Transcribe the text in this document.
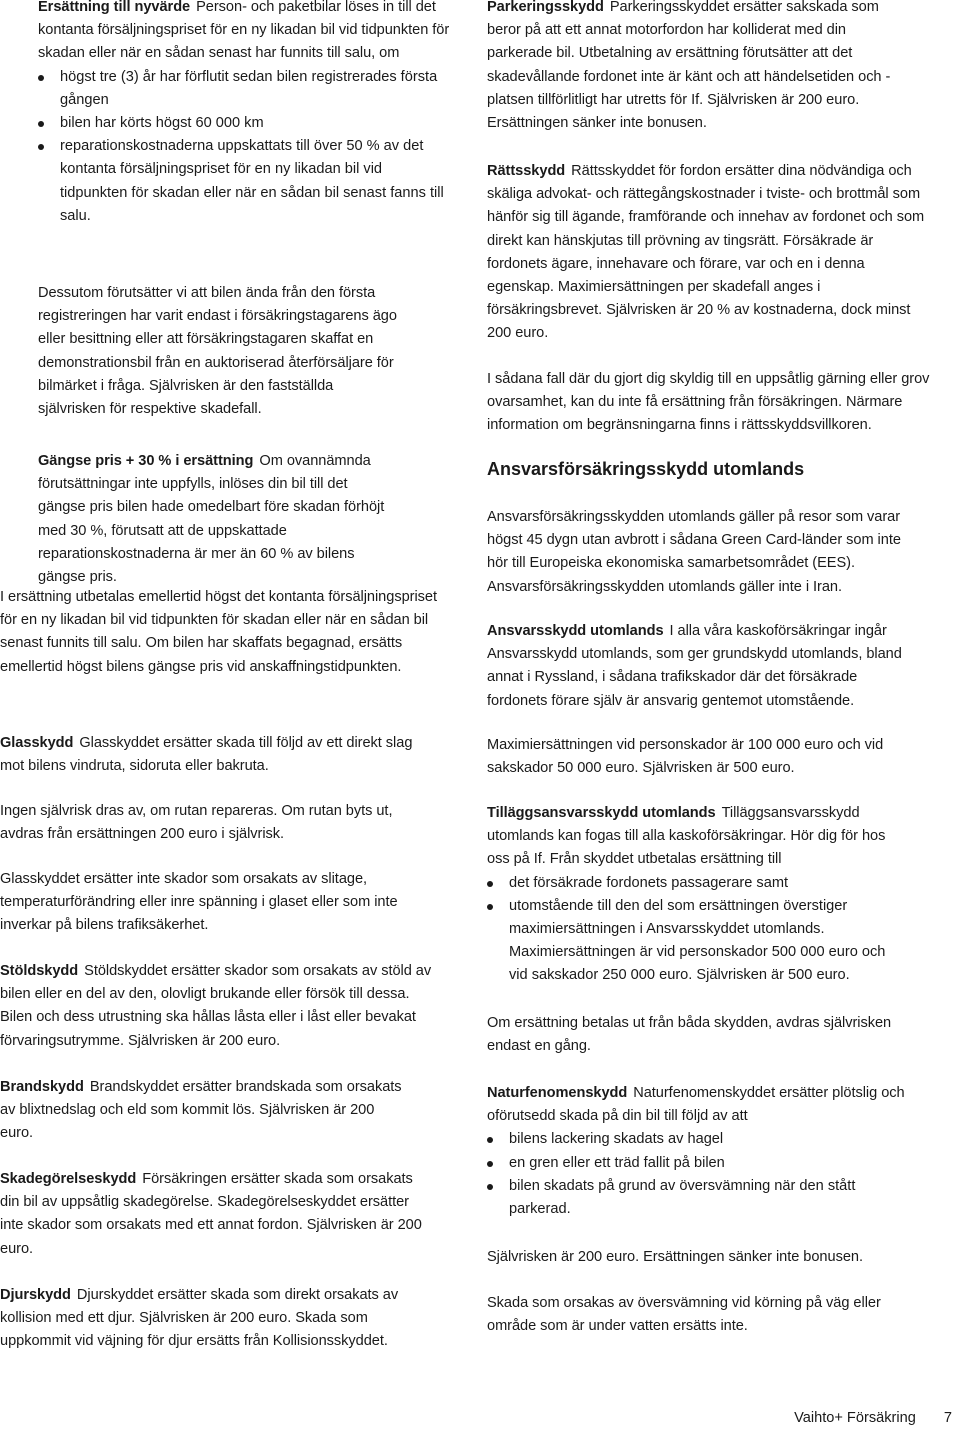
Ersättning till nyvärde Person- och paketbilar löses in till det kontanta försäljningspriset för en ny likadan bil vid tidpunkten för skadan eller när en sådan senast har funnits till salu, om

högst tre (3) år har förflutit sedan bilen registrerades första gången
bilen har körts högst 60 000 km
reparationskostnaderna uppskattats till över 50 % av det kontanta försäljningspriset för en ny likadan bil vid tidpunkten för skadan eller när en sådan bil senast fanns till salu.

Dessutom förutsätter vi att bilen ända från den första registreringen har varit endast i försäkringstagarens ägo eller besittning eller att försäkringstagaren skaffat en demonstrationsbil från en auktoriserad återförsäljare för bilmärket i fråga. Självrisken är den fastställda självrisken för respektive skadefall.

Gängse pris + 30 % i ersättning Om ovannämnda förutsättningar inte uppfylls, inlöses din bil till det gängse pris bilen hade omedelbart före skadan förhöjt med 30 %, förutsatt att de uppskattade reparationskostnaderna är mer än 60 % av bilens gängse pris.

I ersättning utbetalas emellertid högst det kontanta försäljningspriset för en ny likadan bil vid tidpunkten för skadan eller när en sådan bil senast funnits till salu. Om bilen har skaffats begagnad, ersätts emellertid högst bilens gängse pris vid anskaffningstidpunkten.

Glasskydd Glasskyddet ersätter skada till följd av ett direkt slag mot bilens vindruta, sidoruta eller bakruta.

Ingen självrisk dras av, om rutan repareras. Om rutan byts ut, avdras från ersättningen 200 euro i självrisk.

Glasskyddet ersätter inte skador som orsakats av slitage, temperaturförändring eller inre spänning i glaset eller som inte inverkar på bilens trafiksäkerhet.

Stöldskydd Stöldskyddet ersätter skador som orsakats av stöld av bilen eller en del av den, olovligt brukande eller försök till dessa. Bilen och dess utrustning ska hållas låsta eller i låst eller bevakat förvaringsutrymme. Självrisken är 200 euro.

Brandskydd Brandskyddet ersätter brandskada som orsakats av blixtnedslag och eld som kommit lös. Självrisken är 200 euro.

Skadegörelseskydd Försäkringen ersätter skada som orsakats din bil av uppsåtlig skadegörelse. Skadegörelseskyddet ersätter inte skador som orsakats med ett annat fordon. Självrisken är 200 euro.

Djurskydd Djurskyddet ersätter skada som direkt orsakats av kollision med ett djur. Självrisken är 200 euro. Skada som uppkommit vid väjning för djur ersätts från Kollisionsskyddet.

Parkeringsskydd Parkeringsskyddet ersätter sakskada som beror på att ett annat motorfordon har kolliderat med din parkerade bil. Utbetalning av ersättning förutsätter att det skadevållande fordonet inte är känt och att händelsetiden och -platsen tillförlitligt har utretts för If. Självrisken är 200 euro. Ersättningen sänker inte bonusen.

Rättsskydd Rättsskyddet för fordon ersätter dina nödvändiga och skäliga advokat- och rättegångskostnader i tviste- och brottmål som hänför sig till ägande, framförande och innehav av fordonet och som direkt kan hänskjutas till prövning av tingsrätt. Försäkrade är fordonets ägare, innehavare och förare, var och en i denna egenskap. Maximiersättningen per skadefall anges i försäkringsbrevet. Självrisken är 20 % av kostnaderna, dock minst 200 euro.

I sådana fall där du gjort dig skyldig till en uppsåtlig gärning eller grov ovarsamhet, kan du inte få ersättning från försäkringen. Närmare information om begränsningarna finns i rättsskyddsvillkoren.

Ansvarsförsäkringsskydd utomlands

Ansvarsförsäkringsskydden utomlands gäller på resor som varar högst 45 dygn utan avbrott i sådana Green Card-länder som inte hör till Europeiska ekonomiska samarbetsområdet (EES). Ansvarsförsäkringsskydden utomlands gäller inte i Iran.

Ansvarsskydd utomlands I alla våra kaskoförsäkringar ingår Ansvarsskydd utomlands, som ger grundskydd utomlands, bland annat i Ryssland, i sådana trafikskador där det försäkrade fordonets förare själv är ansvarig gentemot utomstående.

Maximiersättningen vid personskador är 100 000 euro och vid sakskador 50 000 euro. Självrisken är 500 euro.

Tilläggsansvarsskydd utomlands Tilläggsansvarsskydd utomlands kan fogas till alla kaskoförsäkringar. Hör dig för hos oss på If. Från skyddet utbetalas ersättning till

det försäkrade fordonets passagerare samt
utomstående till den del som ersättningen överstiger maximiersättningen i Ansvarsskyddet utomlands. Maximiersättningen är vid personskador 500 000 euro och vid sakskador 250 000 euro. Självrisken är 500 euro.

Om ersättning betalas ut från båda skydden, avdras självrisken endast en gång.

Naturfenomenskydd Naturfenomenskyddet ersätter plötslig och oförutsedd skada på din bil till följd av att

bilens lackering skadats av hagel
en gren eller ett träd fallit på bilen
bilen skadats på grund av översvämning när den stått parkerad.

Självrisken är 200 euro. Ersättningen sänker inte bonusen.

Skada som orsakas av översvämning vid körning på väg eller område som är under vatten ersätts inte.

Vaihto+ Försäkring 7
